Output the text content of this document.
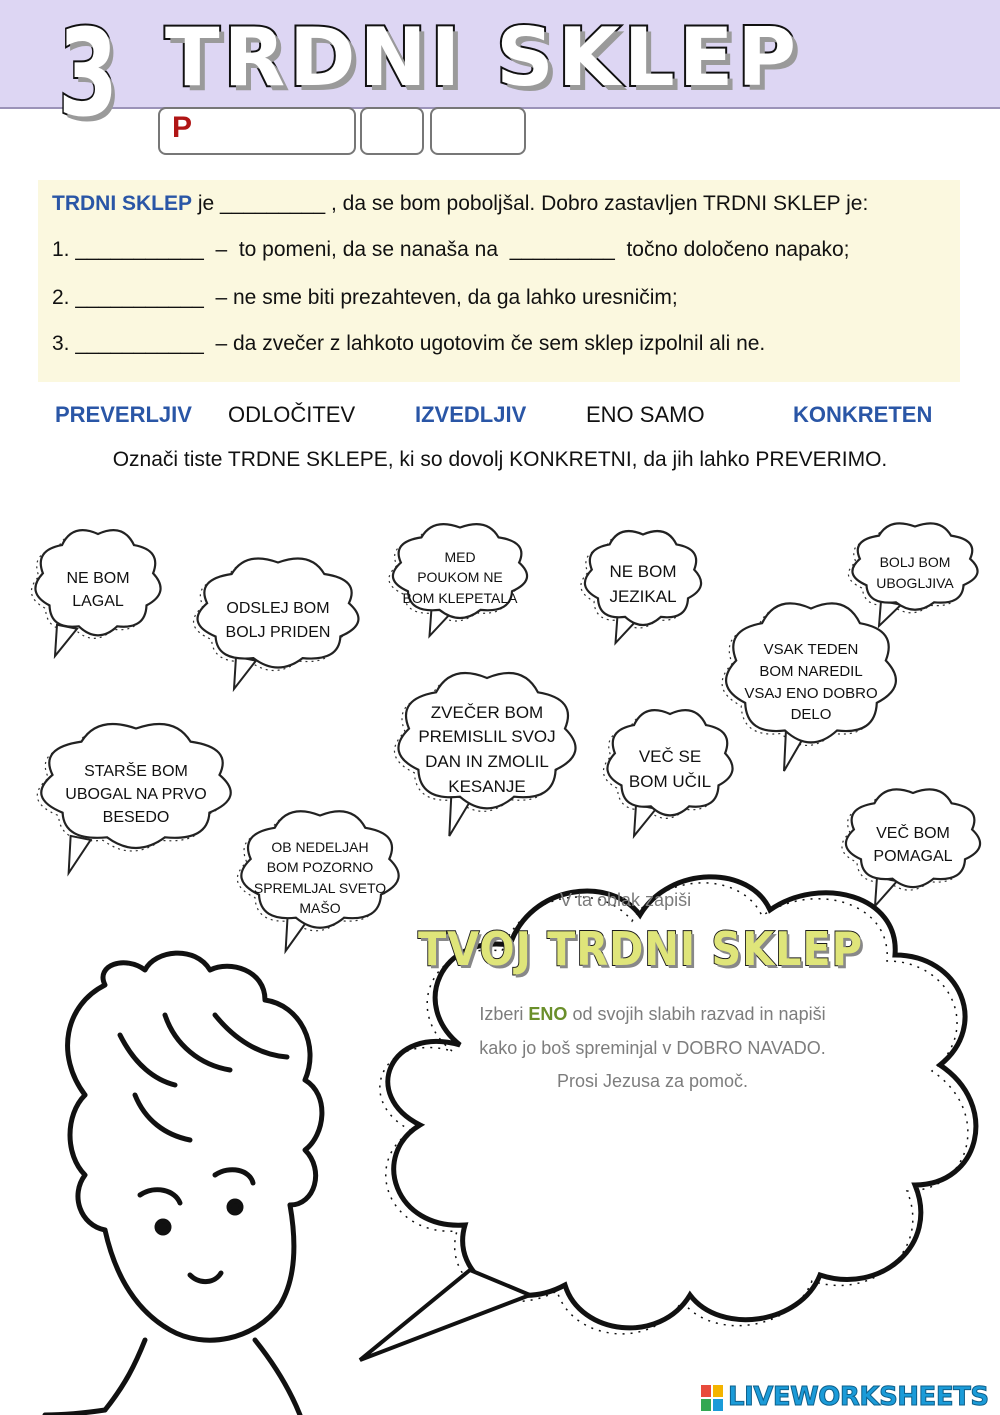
3 TRDNI SKLEP
P
TRDNI SKLEP je _________ , da se bom poboljšal. Dobro zastavljen TRDNI SKLEP je:
1. ___________  –  to pomeni, da se nanaša na  _________  točno določeno napako;
2. ___________  – ne sme biti prezahteven, da ga lahko uresničim;
3. ___________  – da zvečer z lahkoto ugotovim če sem sklep izpolnil ali ne.
PREVERLJIV ODLOČITEV	IZVEDLJIV	ENO SAMO	KONKRETEN
Označi tiste TRDNE SKLEPE, ki so dovolj KONKRETNI, da jih lahko PREVERIMO.
NE BOM
LAGAL	ODSLEJ BOM
BOLJ PRIDEN
MED
POUKOM NE
BOM KLEPETALA
NE BOM
JEZIKAL
BOLJ BOM
UBOGLJIVA
VSAK TEDEN
BOM NAREDIL
VSAJ ENO DOBRO
DELO
ZVEČER BOM
PREMISLIL SVOJ
DAN IN ZMOLIL
KESANJE
STARŠE BOM
UBOGAL NA PRVO
BESEDO
VEČ SE
BOM UČIL
OB NEDELJAH
BOM POZORNO
SPREMLJAL SVETO
MAŠO
VEČ BOM
POMAGAL
V ta oblak zapiši
TVOJ TRDNI SKLEP
Izberi ENO od svojih slabih razvad in napiši
kako jo boš spreminjal v DOBRO NAVADO.
Prosi Jezusa za pomoč.
LIVEWORKSHEETS
